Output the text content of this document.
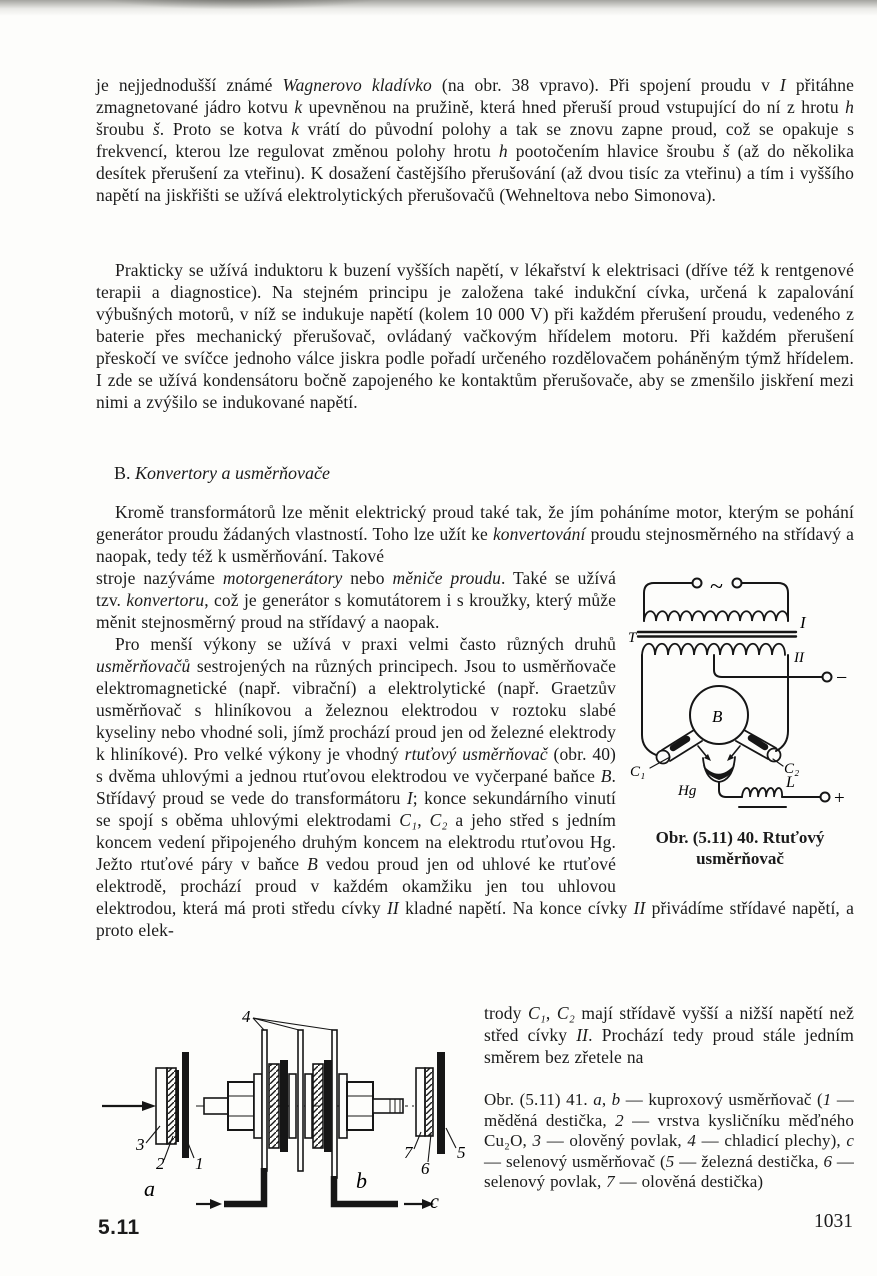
je nejjednodušší známé Wagnerovo kladívko (na obr. 38 vpravo). Při spojení proudu v I přitáhne zmagnetované jádro kotvu k upevněnou na pružině, která hned přeruší proud vstupující do ní z hrotu h šroubu š. Proto se kotva k vrátí do původní polohy a tak se znovu zapne proud, což se opakuje s frekvencí, kterou lze regulovat změnou polohy hrotu h pootočením hlavice šroubu š (až do několika desítek přerušení za vteřinu). K dosažení častějšího přerušování (až dvou tisíc za vteřinu) a tím i vyššího napětí na jiskřišti se užívá elektrolytických přerušovačů (Wehneltova nebo Simonova).
Prakticky se užívá induktoru k buzení vyšších napětí, v lékařství k elektrisaci (dříve též k rentgenové terapii a diagnostice). Na stejném principu je založena také indukční cívka, určená k zapalování výbušných motorů, v níž se indukuje napětí (kolem 10 000 V) při každém přerušení proudu, vedeného z baterie přes mechanický přerušovač, ovládaný vačkovým hřídelem motoru. Při každém přerušení přeskočí ve svíčce jednoho válce jiskra podle pořadí určeného rozdělovačem poháněným týmž hřídelem. I zde se užívá kondensátoru bočně zapojeného ke kontaktům přerušovače, aby se zmenšilo jiskření mezi nimi a zvýšilo se indukované napětí.
B. Konvertory a usměrňovače
Kromě transformátorů lze měnit elektrický proud také tak, že jím poháníme motor, kterým se pohání generátor proudu žádaných vlastností. Toho lze užít ke konvertování proudu stejnosměrného na střídavý a naopak, tedy též k usměrňování. Takové
~
T
I
II
−
B
C₁	C₂
Hg	L
+
Obr. (5.11) 40. Rtuťový usměrňovač
stroje nazýváme motorgenerátory nebo měniče proudu. Také se užívá tzv. konvertoru, což je generátor s komutátorem i s kroužky, který může měnit stejnosměrný proud na střídavý a naopak.
Pro menší výkony se užívá v praxi velmi často různých druhů usměrňovačů sestrojených na různých principech. Jsou to usměrňovače elektromagnetické (např. vibrační) a elektrolytické (např. Graetzův usměrňovač s hliníkovou a železnou elektrodou v roztoku slabé kyseliny nebo vhodné soli, jímž prochází proud jen od železné elektrody k hliníkové). Pro velké výkony je vhodný rtuťový usměrňovač (obr. 40) s dvěma uhlovými a jednou rtuťovou elektrodou ve vyčerpané baňce B. Střídavý proud se vede do transformátoru I; konce sekundárního vinutí se spojí s oběma uhlovými elektrodami C₁, C₂ a jeho střed s jedním koncem vedení připojeného druhým koncem na elektrodu rtuťovou Hg. Ježto rtuťové páry v baňce B vedou proud jen od uhlové ke rtuťové elektrodě, prochází proud v každém okamžiku jen tou uhlovou elektrodou, která má proti středu cívky II kladné napětí. Na konce cívky II přivádíme střídavé napětí, a proto elek-
4
3
2 1
a	b
7
6
5
c
trody C₁, C₂ mají střídavě vyšší a nižší napětí než střed cívky II. Prochází tedy proud stále jedním směrem bez zřetele na
Obr. (5.11) 41. a, b — kuproxový usměrňovač (1 — měděná destička, 2 — vrstva kysličníku měďného Cu₂O, 3 — olověný povlak, 4 — chladicí plechy), c — selenový usměrňovač (5 — železná destička, 6 — selenový povlak, 7 — olověná destička)
5.11	1031
